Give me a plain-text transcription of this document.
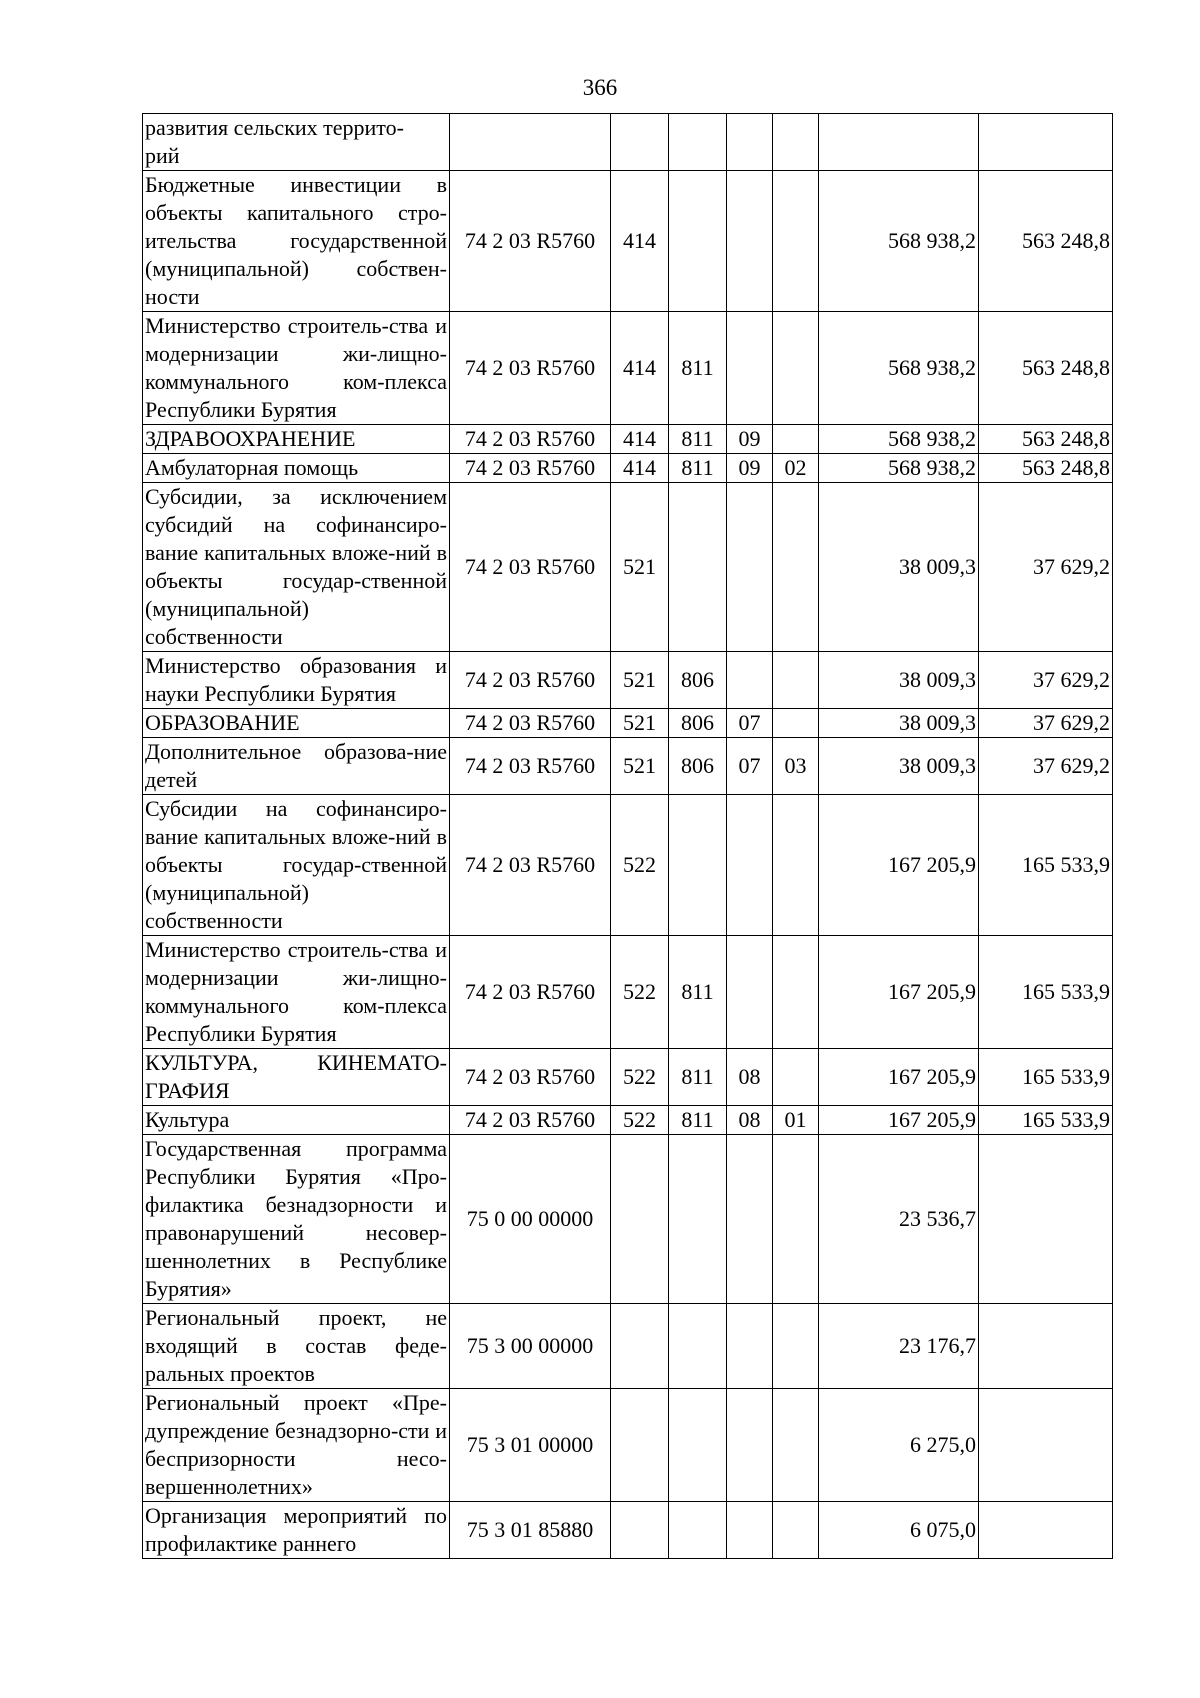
366
развития сельских террито-
рий							
Бюджетные инвестиции в объекты капитального стро-ительства государственной (муниципальной) собствен-ности	74 2 03 R5760	414				568 938,2	563 248,8
Министерство строитель-ства и модернизации жи-лищно-коммунального ком-плекса Республики Бурятия	74 2 03 R5760	414	811			568 938,2	563 248,8
ЗДРАВООХРАНЕНИЕ	74 2 03 R5760	414	811	09		568 938,2	563 248,8
Амбулаторная помощь	74 2 03 R5760	414	811	09	02	568 938,2	563 248,8
Субсидии, за исключением субсидий на софинансиро-вание капитальных вложе-ний в объекты государ-ственной (муниципальной) собственности	74 2 03 R5760	521				38 009,3	37 629,2
Министерство образования и науки Республики Бурятия	74 2 03 R5760	521	806			38 009,3	37 629,2
ОБРАЗОВАНИЕ	74 2 03 R5760	521	806	07		38 009,3	37 629,2
Дополнительное образова-ние детей	74 2 03 R5760	521	806	07	03	38 009,3	37 629,2
Субсидии на софинансиро-вание капитальных вложе-ний в объекты государ-ственной (муниципальной) собственности	74 2 03 R5760	522				167 205,9	165 533,9
Министерство строитель-ства и модернизации жи-лищно-коммунального ком-плекса Республики Бурятия	74 2 03 R5760	522	811			167 205,9	165 533,9
КУЛЬТУРА, КИНЕМАТО-ГРАФИЯ	74 2 03 R5760	522	811	08		167 205,9	165 533,9
Культура	74 2 03 R5760	522	811	08	01	167 205,9	165 533,9
Государственная программа Республики Бурятия «Про-филактика безнадзорности и правонарушений несовер-шеннолетних в Республике Бурятия»	75 0 00 00000					23 536,7	
Региональный проект, не входящий в состав феде-ральных проектов	75 3 00 00000					23 176,7	
Региональный проект «Пре-дупреждение безнадзорно-сти и беспризорности несо-вершеннолетних»	75 3 01 00000					6 275,0	
Организация мероприятий по профилактике раннего	75 3 01 85880					6 075,0	
